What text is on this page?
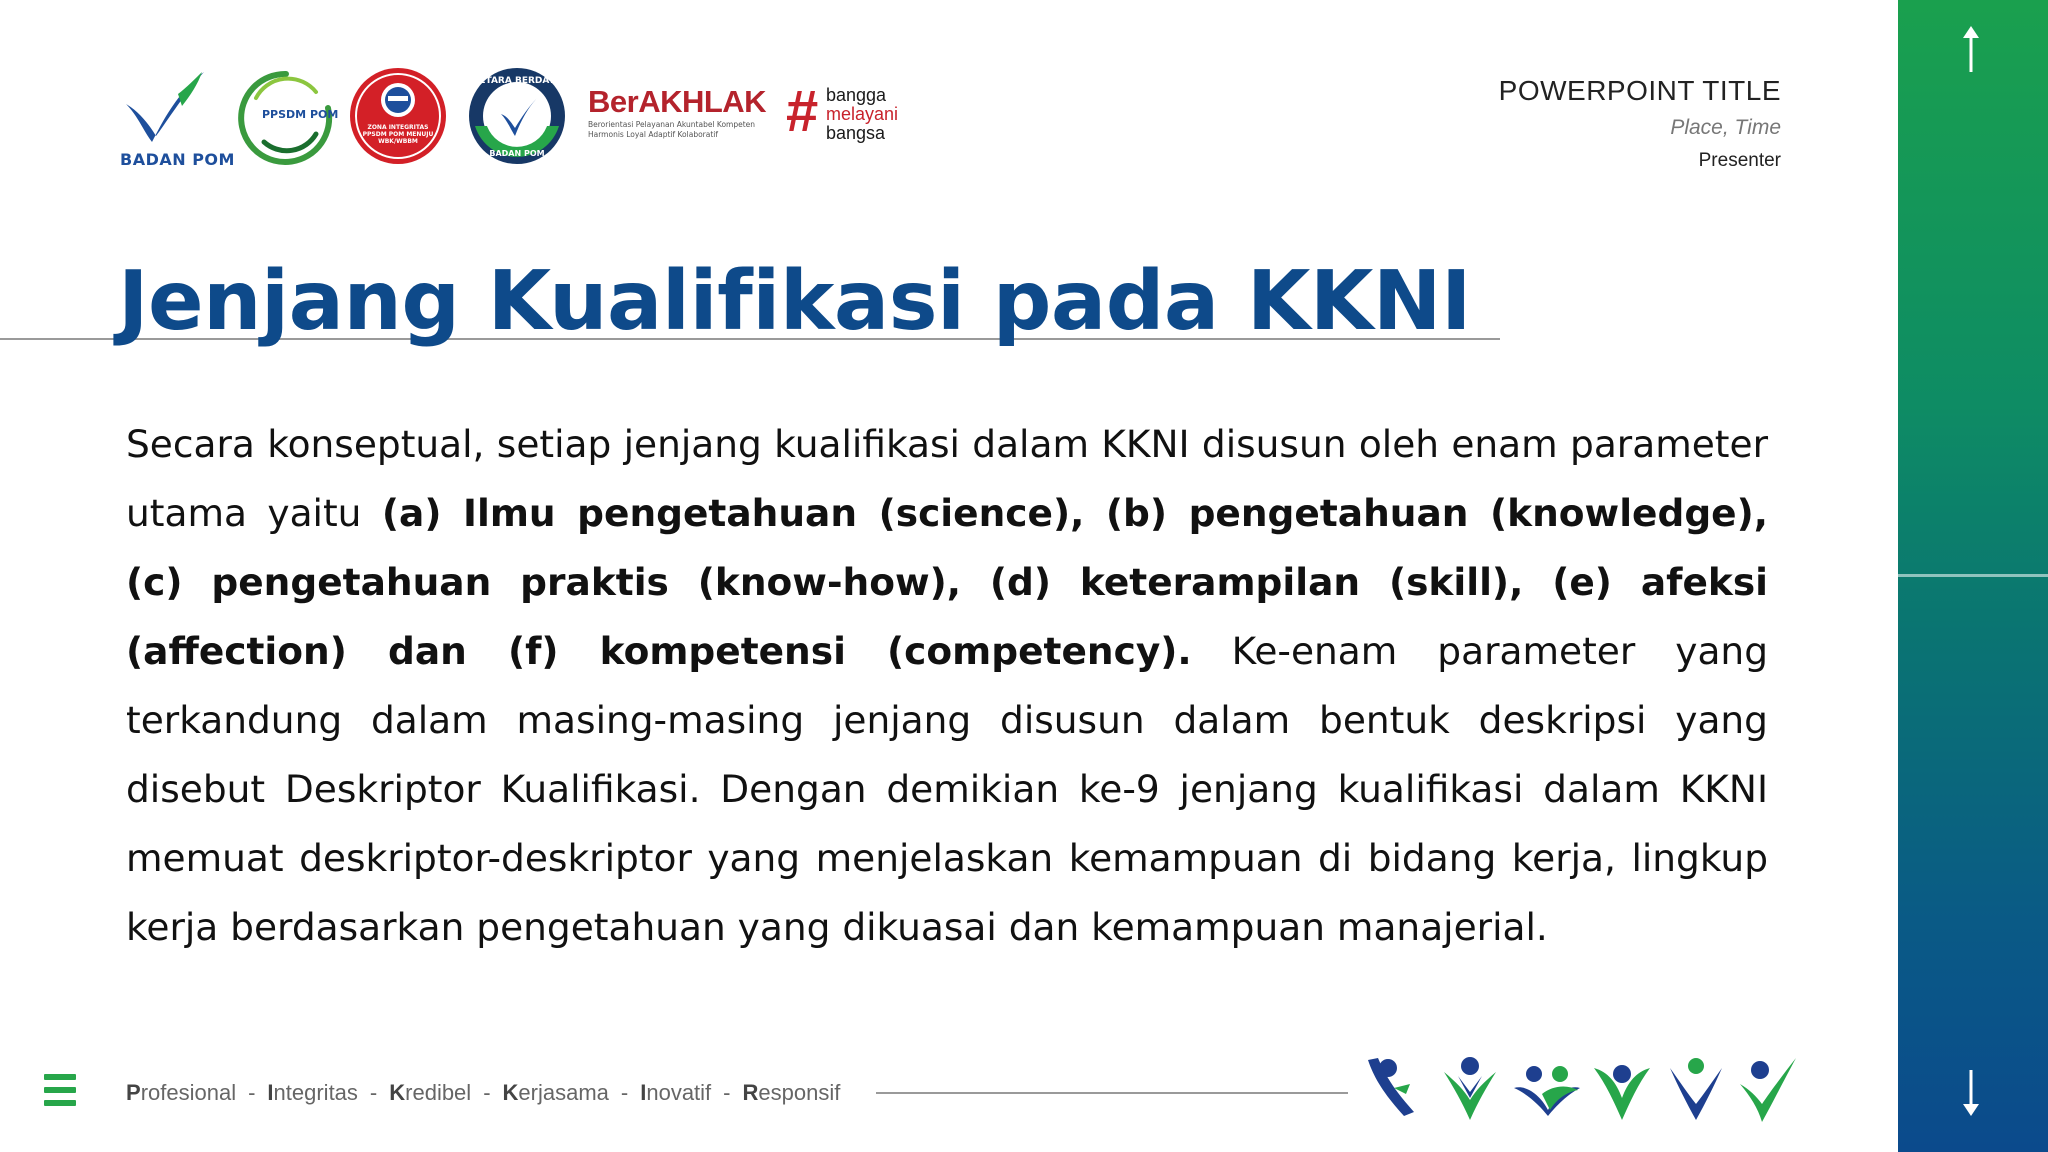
BADAN POM
PPSDM POM
ZONA INTEGRITAS PPSDM POM MENUJU WBK/WBBM
SETARA BERDAYA
BADAN POM
BerAKHLAK
Berorientasi Pelayanan Akuntabel Kompeten Harmonis Loyal Adaptif Kolaboratif	# bangga
melayani
bangsa
POWERPOINT TITLE
Place, Time
Presenter
Jenjang Kualifikasi pada KKNI
Secara konseptual, setiap jenjang kualifikasi dalam KKNI disusun oleh enam parameter utama yaitu (a) Ilmu pengetahuan (science), (b) pengetahuan (knowledge), (c) pengetahuan praktis (know-how), (d) keterampilan (skill), (e) afeksi (affection) dan (f) kompetensi (competency). Ke-enam parameter yang terkandung dalam masing-masing jenjang disusun dalam bentuk deskripsi yang disebut Deskriptor Kualifikasi. Dengan demikian ke-9 jenjang kualifikasi dalam KKNI memuat deskriptor-deskriptor yang menjelaskan kemampuan di bidang kerja, lingkup kerja berdasarkan pengetahuan yang dikuasai dan kemampuan manajerial.
Profesional - Integritas - Kredibel - Kerjasama - Inovatif - Responsif
